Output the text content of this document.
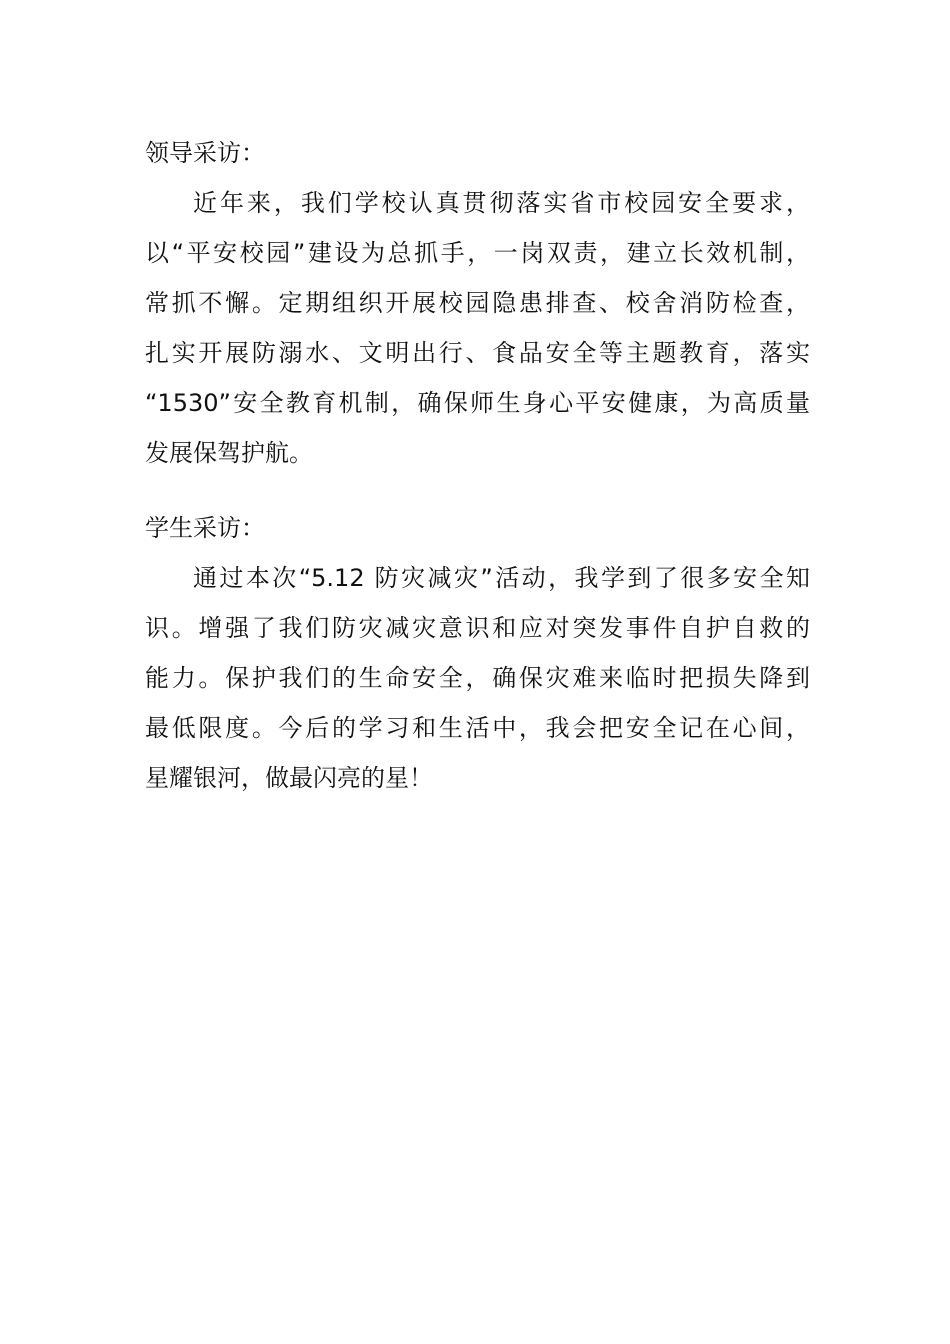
领导采访：

近年来，我们学校认真贯彻落实省市校园安全要求，
以“平安校园”建设为总抓手，一岗双责，建立长效机制，
常抓不懈。定期组织开展校园隐患排查、校舍消防检查，
扎实开展防溺水、文明出行、食品安全等主题教育，落实
“1530”安全教育机制，确保师生身心平安健康，为高质量
发展保驾护航。

学生采访：

通过本次“5.12 防灾减灾”活动，我学到了很多安全知
识。增强了我们防灾减灾意识和应对突发事件自护自救的
能力。保护我们的生命安全，确保灾难来临时把损失降到
最低限度。今后的学习和生活中，我会把安全记在心间，
星耀银河，做最闪亮的星！
